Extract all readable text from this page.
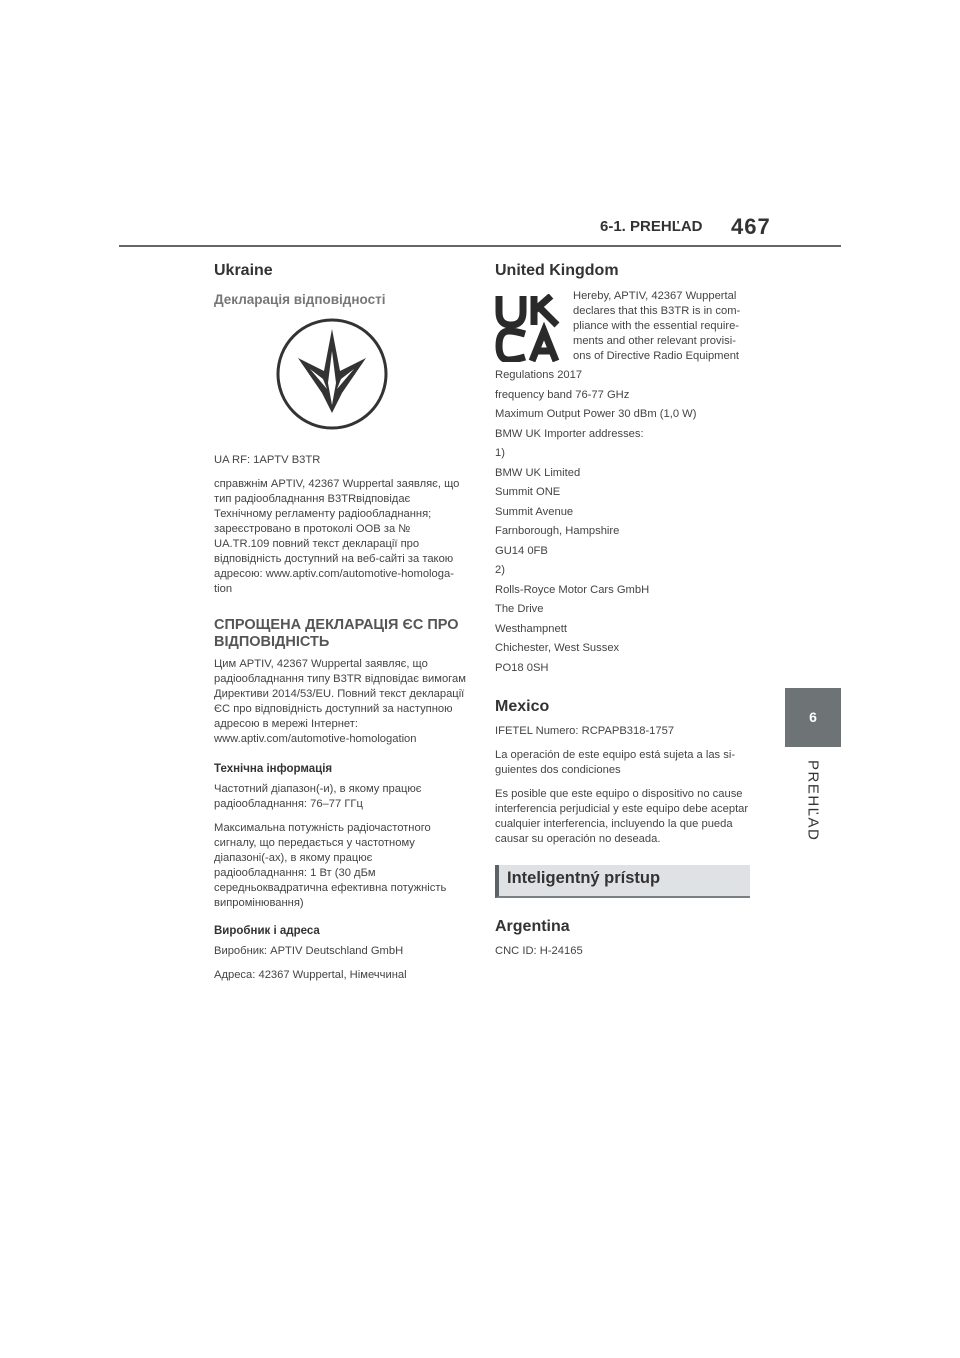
6-1. PREHĽAD 467
6
PREHĽAD
Ukraine
Декларація відповідності

UA RF: 1APTV B3TR

справжнім APTIV, 42367 Wuppertal заявляє, що тип радіообладнання B3TRвідповідає Технічному регламенту радіообладнання; зареєстровано в протоколі OOB за № UA.TR.109 повний текст декларації про відповідність доступний на веб-сайті за такою адресою: www.aptiv.com/automotive-homologa-tion

СПРОЩЕНА ДЕКЛАРАЦІЯ ЄС ПРО ВІДПОВІДНІСТЬ

Цим APTIV, 42367 Wuppertal заявляє, що радіообладнання типу B3TR відповідає вимогам Директиви 2014/53/EU. Повний текст декларації ЄС про відповідність доступний за наступною адресою в мережі Інтернет: www.aptiv.com/automotive-homologation

Технічна інформація

Частотний діапазон(-и), в якому працює радіообладнання: 76–77 ГГц

Максимальна потужність радіочастотного сигналу, що передається у частотному діапазоні(-ах), в якому працює радіообладнання: 1 Вт (30 дБм середньоквадратична ефективна потужність випромінювання)

Виробник і адреса

Виробник: APTIV Deutschland GmbH

Адреса: 42367 Wuppertal, Німеччинаl

United Kingdom

Hereby, APTIV, 42367 Wuppertal declares that this B3TR is in com-pliance with the essential require-ments and other relevant provisi-ons of Directive Radio Equipment

Regulations 2017
frequency band 76-77 GHz
Maximum Output Power 30 dBm (1,0 W)
BMW UK Importer addresses:
1)
BMW UK Limited
Summit ONE
Summit Avenue
Farnborough, Hampshire
GU14 0FB
2)
Rolls-Royce Motor Cars GmbH
The Drive
Westhampnett
Chichester, West Sussex
PO18 0SH
Mexico

IFETEL Numero: RCPAPB318-1757

La operación de este equipo está sujeta a las si-guientes dos condiciones

Es posible que este equipo o dispositivo no cause interferencia perjudicial y este equipo debe aceptar cualquier interferencia, incluyendo la que pueda causar su operación no deseada.

Inteligentný prístup
Argentina

CNC ID: H-24165
